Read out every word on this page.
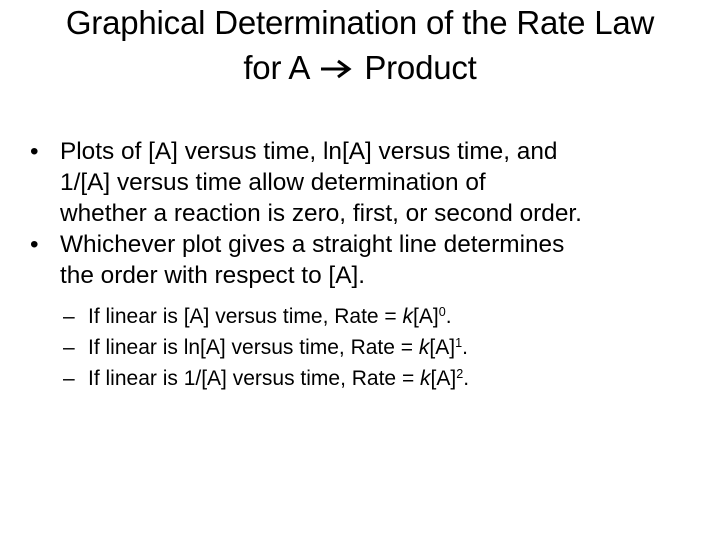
Graphical Determination of the Rate Law
for A Product
• Plots of [A] versus time, ln[A] versus time, and
1/[A] versus time allow determination of
whether a reaction is zero, first, or second order.
• Whichever plot gives a straight line determines
the order with respect to [A].
– If linear is [A] versus time, Rate = $k[A]^0$.
– If linear is ln[A] versus time, Rate = $k[A]^1$.
– If linear is 1/[A] versus time, Rate = $k[A]^2$.
